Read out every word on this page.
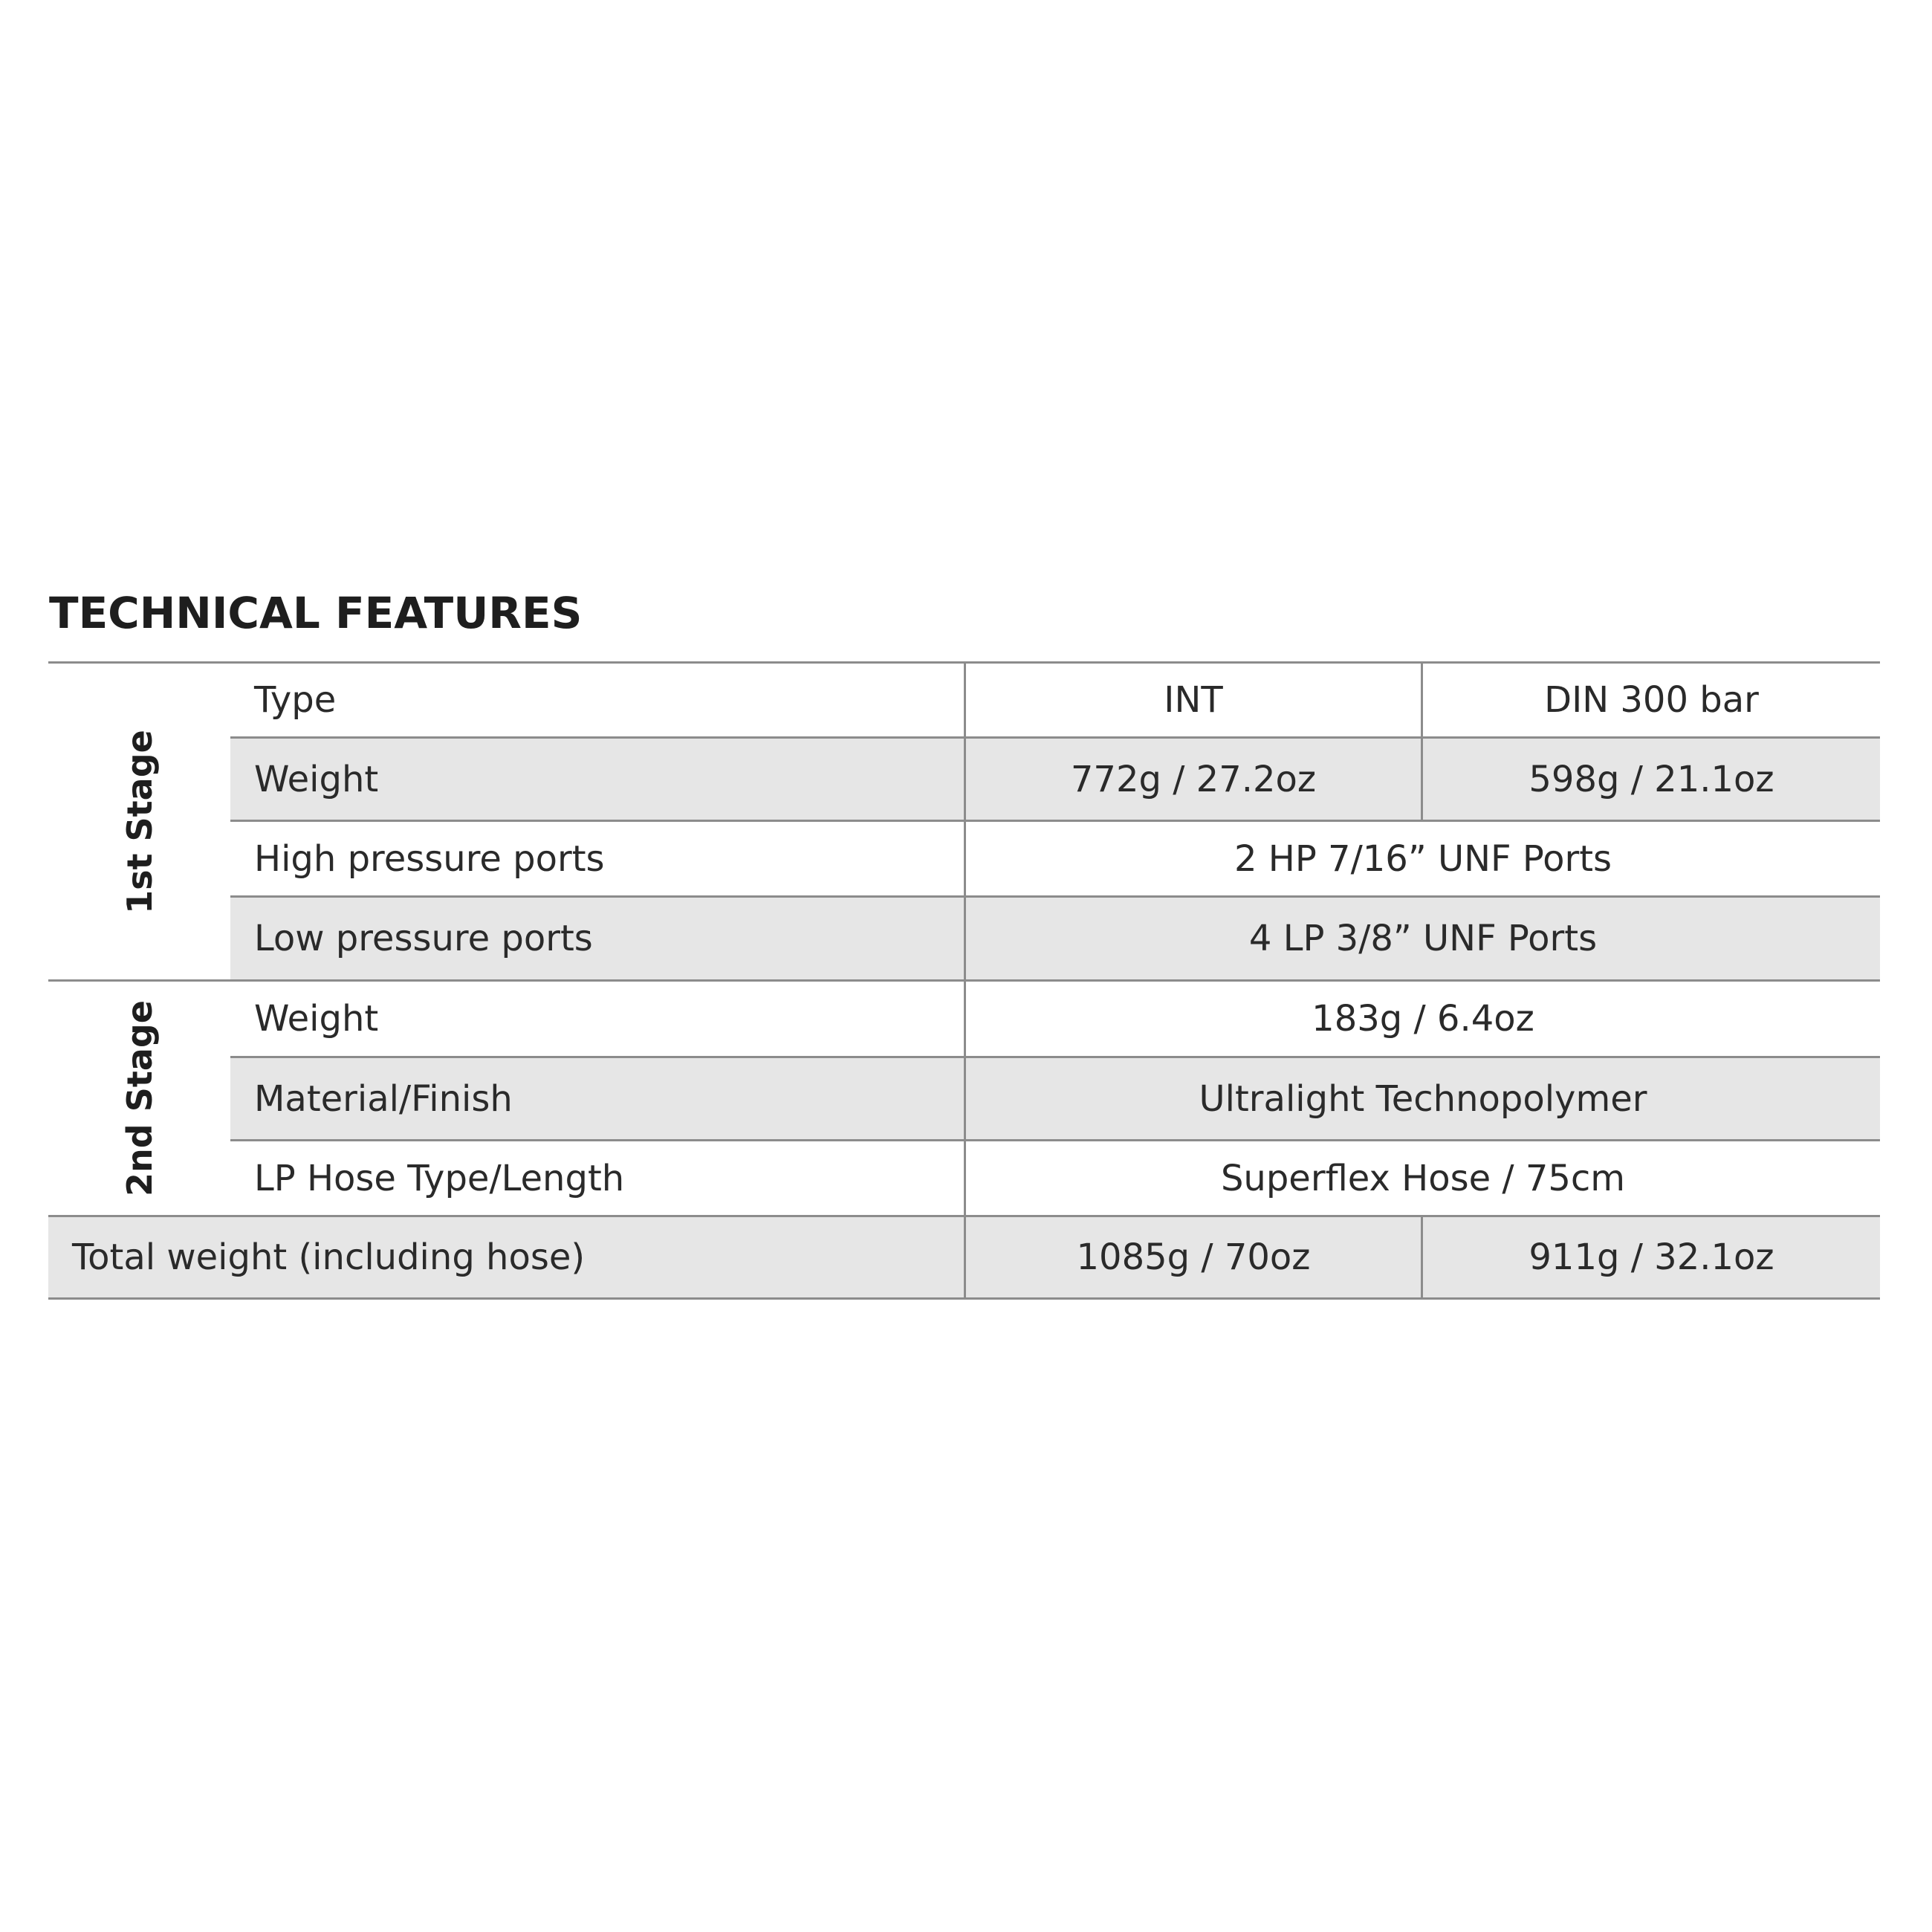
TECHNICAL FEATURES
1st Stage
2nd Stage
Type	INT	DIN 300 bar
Weight	772g / 27.2oz	598g / 21.1oz
High pressure ports	2 HP 7/16” UNF Ports
Low pressure ports	4 LP 3/8” UNF Ports
Weight	183g / 6.4oz
Material/Finish	Ultralight Technopolymer
LP Hose Type/Length	Superflex Hose / 75cm
Total weight (including hose)	1085g / 70oz	911g / 32.1oz
